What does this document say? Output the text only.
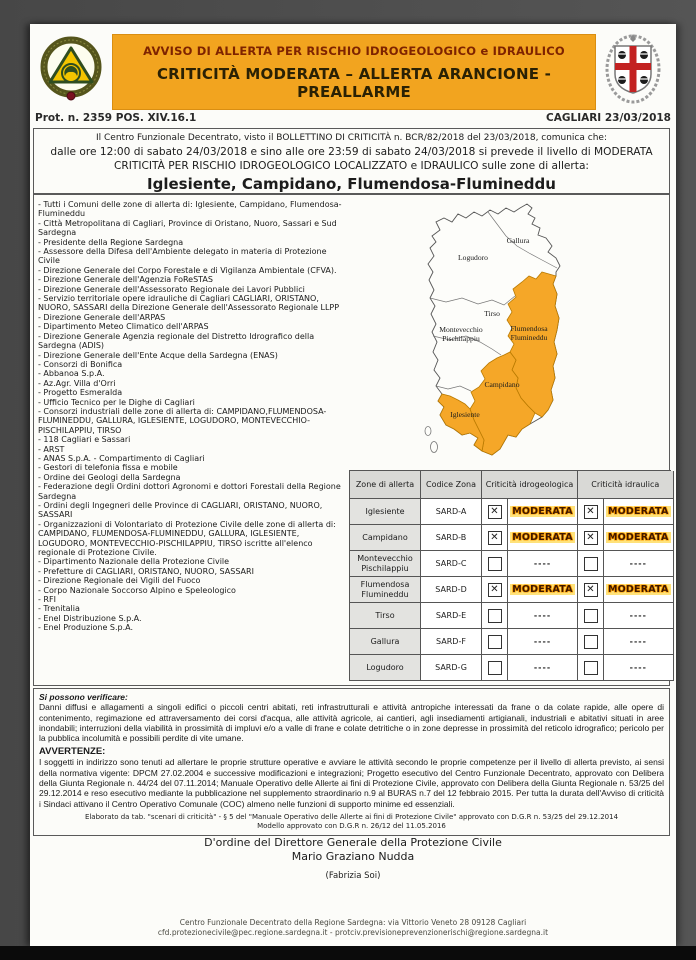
AVVISO DI ALLERTA PER RISCHIO IDROGEOLOGICO e IDRAULICO
CRITICITÀ MODERATA – ALLERTA ARANCIONE - PREALLARME
Prot. n. 2359 POS. XIV.16.1	CAGLIARI 23/03/2018
Il Centro Funzionale Decentrato, visto il BOLLETTINO DI CRITICITÀ n. BCR/82/2018 del 23/03/2018, comunica che:
dalle ore 12:00 di sabato 24/03/2018 e sino alle ore 23:59 di sabato 24/03/2018 si prevede il livello di MODERATA CRITICITÀ PER RISCHIO IDROGEOLOGICO LOCALIZZATO e IDRAULICO sulle zone di allerta:
Iglesiente, Campidano, Flumendosa-Flumineddu
- Tutti i Comuni delle zone di allerta di: Iglesiente, Campidano, Flumendosa-Flumineddu
- Città Metropolitana di Cagliari, Province di Oristano, Nuoro, Sassari e Sud Sardegna
- Presidente della Regione Sardegna
- Assessore della Difesa dell'Ambiente delegato in materia di Protezione Civile
- Direzione Generale del Corpo Forestale e di Vigilanza Ambientale (CFVA).
- Direzione Generale dell'Agenzia FoReSTAS
- Direzione Generale dell'Assessorato Regionale dei Lavori Pubblici
- Servizio territoriale opere idrauliche di Cagliari CAGLIARI, ORISTANO, NUORO, SASSARI della Direzione Generale dell'Assessorato Regionale LLPP
- Direzione Generale dell'ARPAS
- Dipartimento Meteo Climatico dell'ARPAS
- Direzione Generale Agenzia regionale del Distretto Idrografico della Sardegna (ADIS)
- Direzione Generale dell'Ente Acque della Sardegna (ENAS)
- Consorzi di Bonifica
- Abbanoa S.p.A.
- Az.Agr. Villa d'Orri
- Progetto Esmeralda
- Ufficio Tecnico per le Dighe di Cagliari
- Consorzi industriali delle zone di allerta di: CAMPIDANO,FLUMENDOSA-FLUMINEDDU, GALLURA, IGLESIENTE, LOGUDORO, MONTEVECCHIO-PISCHILAPPIU, TIRSO
- 118 Cagliari e Sassari
- ARST
- ANAS S.p.A. - Compartimento di Cagliari
- Gestori di telefonia fissa e mobile
- Ordine dei Geologi della Sardegna
- Federazione degli Ordini dottori Agronomi e dottori Forestali della Regione Sardegna
- Ordini degli Ingegneri delle Province di CAGLIARI, ORISTANO, NUORO, SASSARI
- Organizzazioni di Volontariato di Protezione Civile delle zone di allerta di: CAMPIDANO, FLUMENDOSA-FLUMINEDDU, GALLURA, IGLESIENTE, LOGUDORO, MONTEVECCHIO-PISCHILAPPIU, TIRSO iscritte all'elenco regionale di Protezione Civile.
- Dipartimento Nazionale della Protezione Civile
- Prefetture di CAGLIARI, ORISTANO, NUORO, SASSARI
- Direzione Regionale dei Vigili del Fuoco
- Corpo Nazionale Soccorso Alpino e Speleologico
- RFI
- Trenitalia
- Enel Distribuzione S.p.A.
- Enel Produzione S.p.A.
Gallura
Logudoro
Tirso
Montevecchio Pischilappiu
Flumendosa Flumineddu
Campidano
Iglesiente
Zone di allerta	Codice Zona	Criticità idrogeologica	Criticità idraulica
Iglesiente	SARD-A	✕ MODERATA ✕ MODERATA
Campidano	SARD-B	✕ MODERATA ✕ MODERATA
Montevecchio Pischilappiu	SARD-C	----	----
Flumendosa Flumineddu	SARD-D	✕ MODERATA ✕ MODERATA
Tirso	SARD-E	----	----
Gallura	SARD-F	----	----
Logudoro	SARD-G	----	----
Si possono verificare:
Danni diffusi e allagamenti a singoli edifici o piccoli centri abitati, reti infrastrutturali e attività antropiche interessati da frane o da colate rapide, alle opere di contenimento, regimazione ed attraversamento dei corsi d'acqua, alle attività agricole, ai cantieri, agli insediamenti artigianali, industriali e abitativi situati in aree inondabili; interruzioni della viabilità in prossimità di impluvi e/o a valle di frane e colate detritiche o in zone depresse in prossimità del reticolo idrografico; pericolo per la pubblica incolumità e possibili perdite di vite umane.
AVVERTENZE:
I soggetti in indirizzo sono tenuti ad allertare le proprie strutture operative e avviare le attività secondo le proprie competenze per il livello di allerta previsto, ai sensi della normativa vigente: DPCM 27.02.2004 e successive modificazioni e integrazioni; Progetto esecutivo del Centro Funzionale Decentrato, approvato con Delibera della Giunta Regionale n. 44/24 del 07.11.2014; Manuale Operativo delle Allerte ai fini di Protezione Civile, approvato con Delibera della Giunta Regionale n. 53/25 del 29.12.2014 e reso esecutivo mediante la pubblicazione nel supplemento straordinario n.9 al BURAS n.7 del 12 febbraio 2015. Per tutta la durata dell'Avviso di criticità i Sindaci attivano il Centro Operativo Comunale (COC) almeno nelle funzioni di supporto minime ed essenziali.
Elaborato da tab. "scenari di criticità" - § 5 del "Manuale Operativo delle Allerte ai fini di Protezione Civile" approvato con D.G.R n. 53/25 del 29.12.2014
Modello approvato con D.G.R n. 26/12 del 11.05.2016
D'ordine del Direttore Generale della Protezione Civile
Mario Graziano Nudda
(Fabrizia Soi)
Centro Funzionale Decentrato della Regione Sardegna: via Vittorio Veneto 28 09128 Cagliari
cfd.protezionecivile@pec.regione.sardegna.it - protciv.previsioneprevenzionerischi@regione.sardegna.it
